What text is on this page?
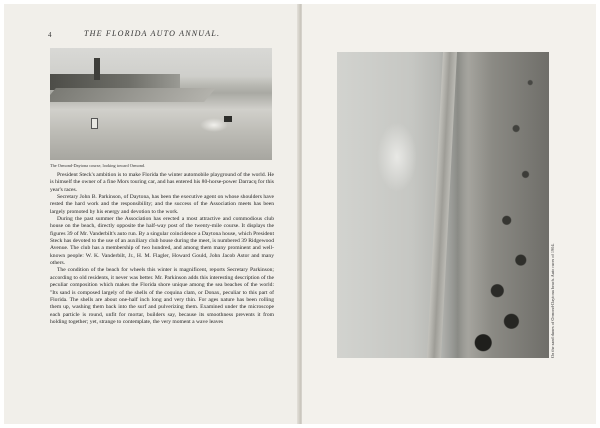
4	THE FLORIDA AUTO ANNUAL.
The Ormond-Daytona course, looking toward Ormond.

President Steck's ambition is to make Florida the winter automobile playground of the world. He is himself the owner of a fine Mors touring car, and has entered his 80-horse-power Darracq for this year's races.

Secretary John B. Parkinson, of Daytona, has been the executive agent on whose shoulders have rested the hard work and the responsibility; and the success of the Association meets has been largely promoted by his energy and devotion to the work.

During the past summer the Association has erected a most attractive and commodious club house on the beach, directly opposite the half-way post of the twenty-mile course. It displays the figures 39 of Mr. Vanderbilt's auto run. By a singular coincidence a Daytona house, which President Steck has devoted to the use of an auxiliary club house during the meet, is numbered 39 Ridgewood Avenue. The club has a membership of two hundred, and among them many prominent and well-known people: W. K. Vanderbilt, Jr., H. M. Flagler, Howard Gould, John Jacob Astor and many others.

The condition of the beach for wheels this winter is magnificent, reports Secretary Parkinson; according to old residents, it never was better. Mr. Parkinson adds this interesting description of the peculiar composition which makes the Florida shore unique among the sea beaches of the world: "Its sand is composed largely of the shells of the coquina clam, or Donax, peculiar to this part of Florida. The shells are about one-half inch long and very thin. For ages nature has been rolling them up, washing them back into the surf and pulverizing them. Examined under the microscope each particle is round, unfit for mortar, builders say, because its smoothness prevents it from holding together; yet, strange to contemplate, the very moment a wave leaves	On the sand dunes of Ormond-Daytona beach. Auto races of 1904.
